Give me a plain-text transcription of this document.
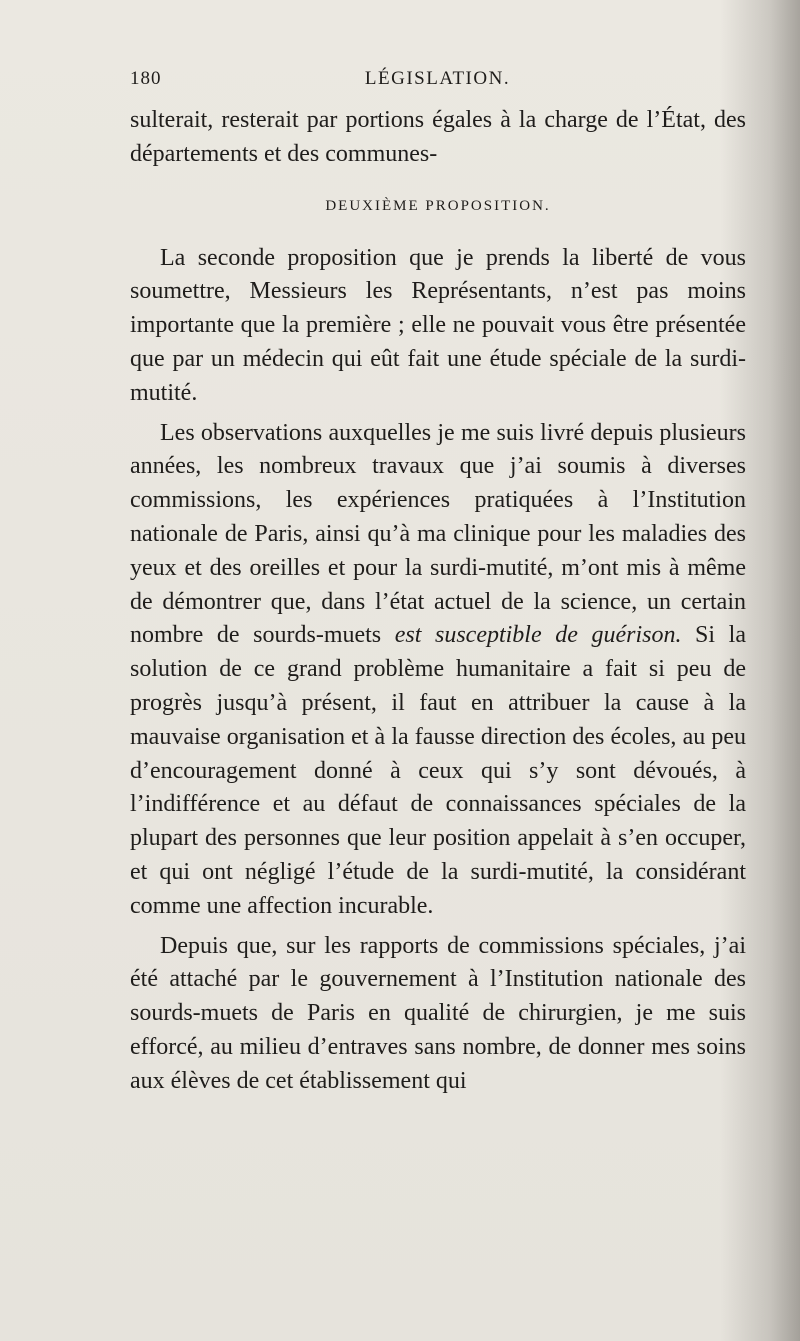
180	LÉGISLATION.

sulterait, resterait par portions égales à la charge de l’État, des départements et des communes-

DEUXIÈME PROPOSITION.

La seconde proposition que je prends la liberté de vous soumettre, Messieurs les Représentants, n’est pas moins importante que la première ; elle ne pouvait vous être présentée que par un médecin qui eût fait une étude spéciale de la surdi-mutité.

Les observations auxquelles je me suis livré depuis plusieurs années, les nombreux travaux que j’ai soumis à diverses commissions, les expériences pratiquées à l’Institution nationale de Paris, ainsi qu’à ma clinique pour les maladies des yeux et des oreilles et pour la surdi-mutité, m’ont mis à même de démontrer que, dans l’état actuel de la science, un certain nombre de sourds-muets est susceptible de guérison. Si la solution de ce grand problème humanitaire a fait si peu de progrès jusqu’à présent, il faut en attribuer la cause à la mauvaise organisation et à la fausse direction des écoles, au peu d’encouragement donné à ceux qui s’y sont dévoués, à l’indifférence et au défaut de connaissances spéciales de la plupart des personnes que leur position appelait à s’en occuper, et qui ont négligé l’étude de la surdi-mutité, la considérant comme une affection incurable.

Depuis que, sur les rapports de commissions spéciales, j’ai été attaché par le gouvernement à l’Institution nationale des sourds-muets de Paris en qualité de chirurgien, je me suis efforcé, au milieu d’entraves sans nombre, de donner mes soins aux élèves de cet établissement qui
